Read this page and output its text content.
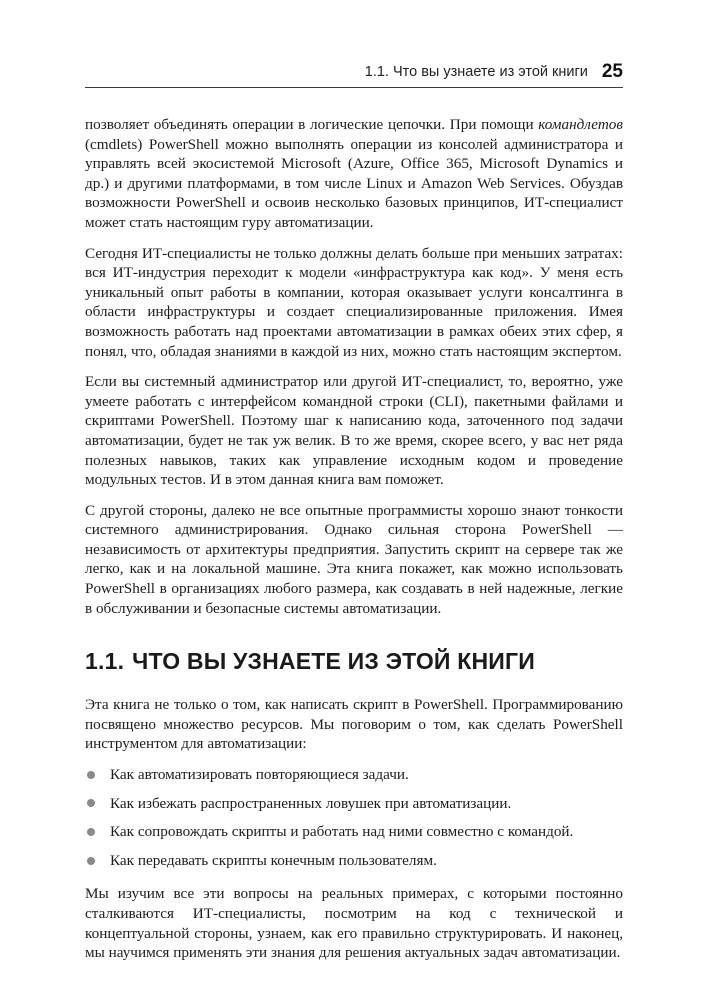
1.1. Что вы узнаете из этой книги 25

позволяет объединять операции в логические цепочки. При помощи командлетов (cmdlets) PowerShell можно выполнять операции из консолей администратора и управлять всей экосистемой Microsoft (Azure, Office 365, Microsoft Dynamics и др.) и другими платформами, в том числе Linux и Amazon Web Services. Обуздав возможности PowerShell и освоив несколько базовых принципов, ИТ-специалист может стать настоящим гуру автоматизации.

Сегодня ИТ-специалисты не только должны делать больше при меньших затратах: вся ИТ-индустрия переходит к модели «инфраструктура как код». У меня есть уникальный опыт работы в компании, которая оказывает услуги консалтинга в области инфраструктуры и создает специализированные приложения. Имея возможность работать над проектами автоматизации в рамках обеих этих сфер, я понял, что, обладая знаниями в каждой из них, можно стать настоящим экспертом.

Если вы системный администратор или другой ИТ-специалист, то, вероятно, уже умеете работать с интерфейсом командной строки (CLI), пакетными файлами и скриптами PowerShell. Поэтому шаг к написанию кода, заточенного под задачи автоматизации, будет не так уж велик. В то же время, скорее всего, у вас нет ряда полезных навыков, таких как управление исходным кодом и проведение модульных тестов. И в этом данная книга вам поможет.

С другой стороны, далеко не все опытные программисты хорошо знают тонкости системного администрирования. Однако сильная сторона PowerShell — независимость от архитектуры предприятия. Запустить скрипт на сервере так же легко, как и на локальной машине. Эта книга покажет, как можно использовать PowerShell в организациях любого размера, как создавать в ней надежные, легкие в обслуживании и безопасные системы автоматизации.

1.1. ЧТО ВЫ УЗНАЕТЕ ИЗ ЭТОЙ КНИГИ

Эта книга не только о том, как написать скрипт в PowerShell. Программированию посвящено множество ресурсов. Мы поговорим о том, как сделать PowerShell инструментом для автоматизации:

Как автоматизировать повторяющиеся задачи.
Как избежать распространенных ловушек при автоматизации.
Как сопровождать скрипты и работать над ними совместно с командой.
Как передавать скрипты конечным пользователям.

Мы изучим все эти вопросы на реальных примерах, с которыми постоянно сталкиваются ИТ-специалисты, посмотрим на код с технической и концептуальной стороны, узнаем, как его правильно структурировать. И наконец, мы научимся применять эти знания для решения актуальных задач автоматизации.
